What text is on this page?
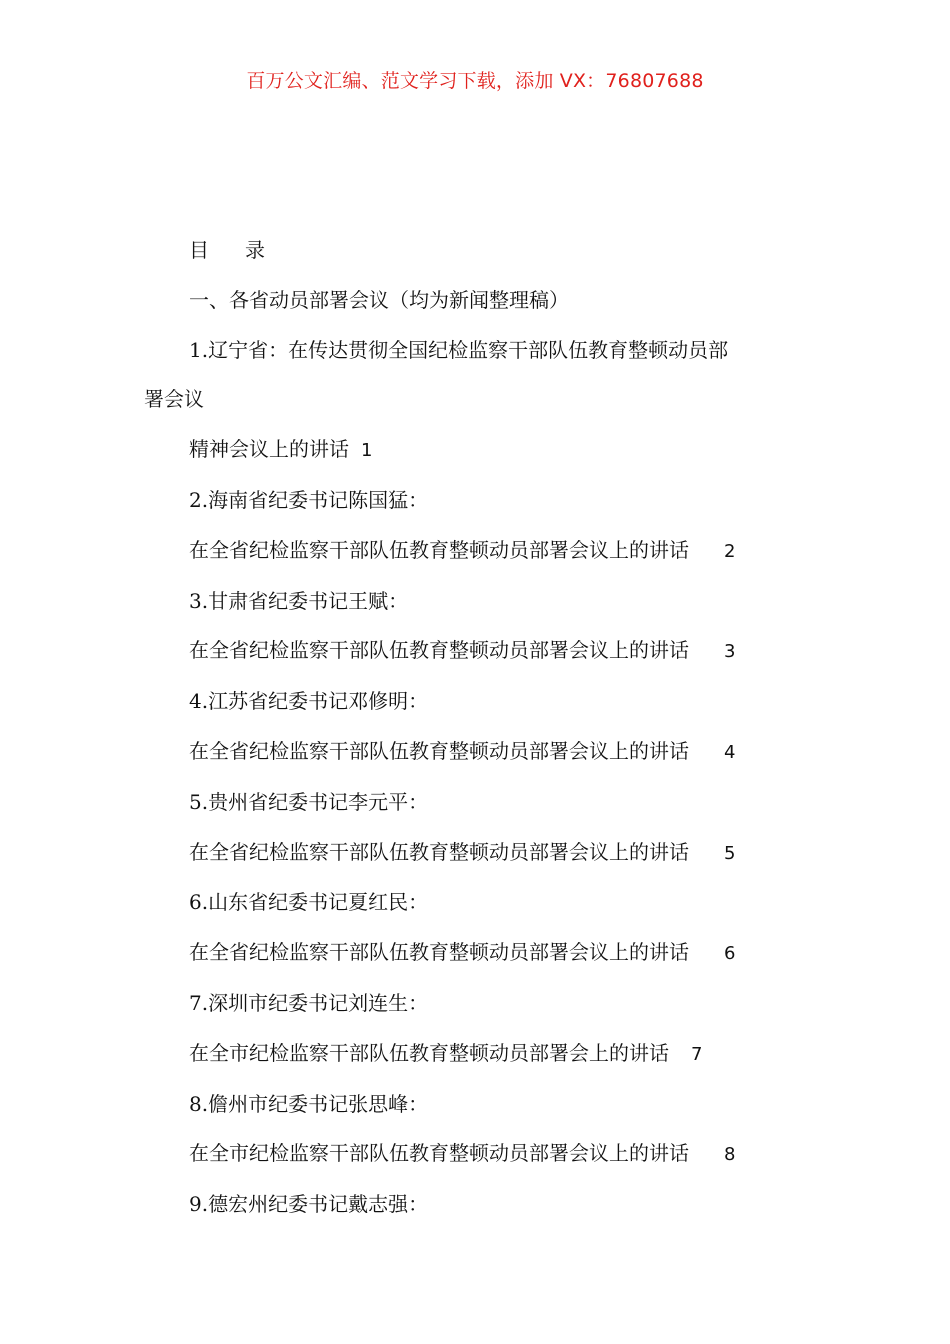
百万公文汇编、范文学习下载，添加 VX：76807688
目 录
一、各省动员部署会议（均为新闻整理稿）
1.辽宁省：在传达贯彻全国纪检监察干部队伍教育整顿动员部
署会议
精神会议上的讲话 1
2.海南省纪委书记陈国猛：
在全省纪检监察干部队伍教育整顿动员部署会议上的讲话 2
3.甘肃省纪委书记王赋：
在全省纪检监察干部队伍教育整顿动员部署会议上的讲话 3
4.江苏省纪委书记邓修明：
在全省纪检监察干部队伍教育整顿动员部署会议上的讲话 4
5.贵州省纪委书记李元平：
在全省纪检监察干部队伍教育整顿动员部署会议上的讲话 5
6.山东省纪委书记夏红民：
在全省纪检监察干部队伍教育整顿动员部署会议上的讲话 6
7.深圳市纪委书记刘连生：
在全市纪检监察干部队伍教育整顿动员部署会上的讲话 7
8.儋州市纪委书记张思峰：
在全市纪检监察干部队伍教育整顿动员部署会议上的讲话 8
9.德宏州纪委书记戴志强：
